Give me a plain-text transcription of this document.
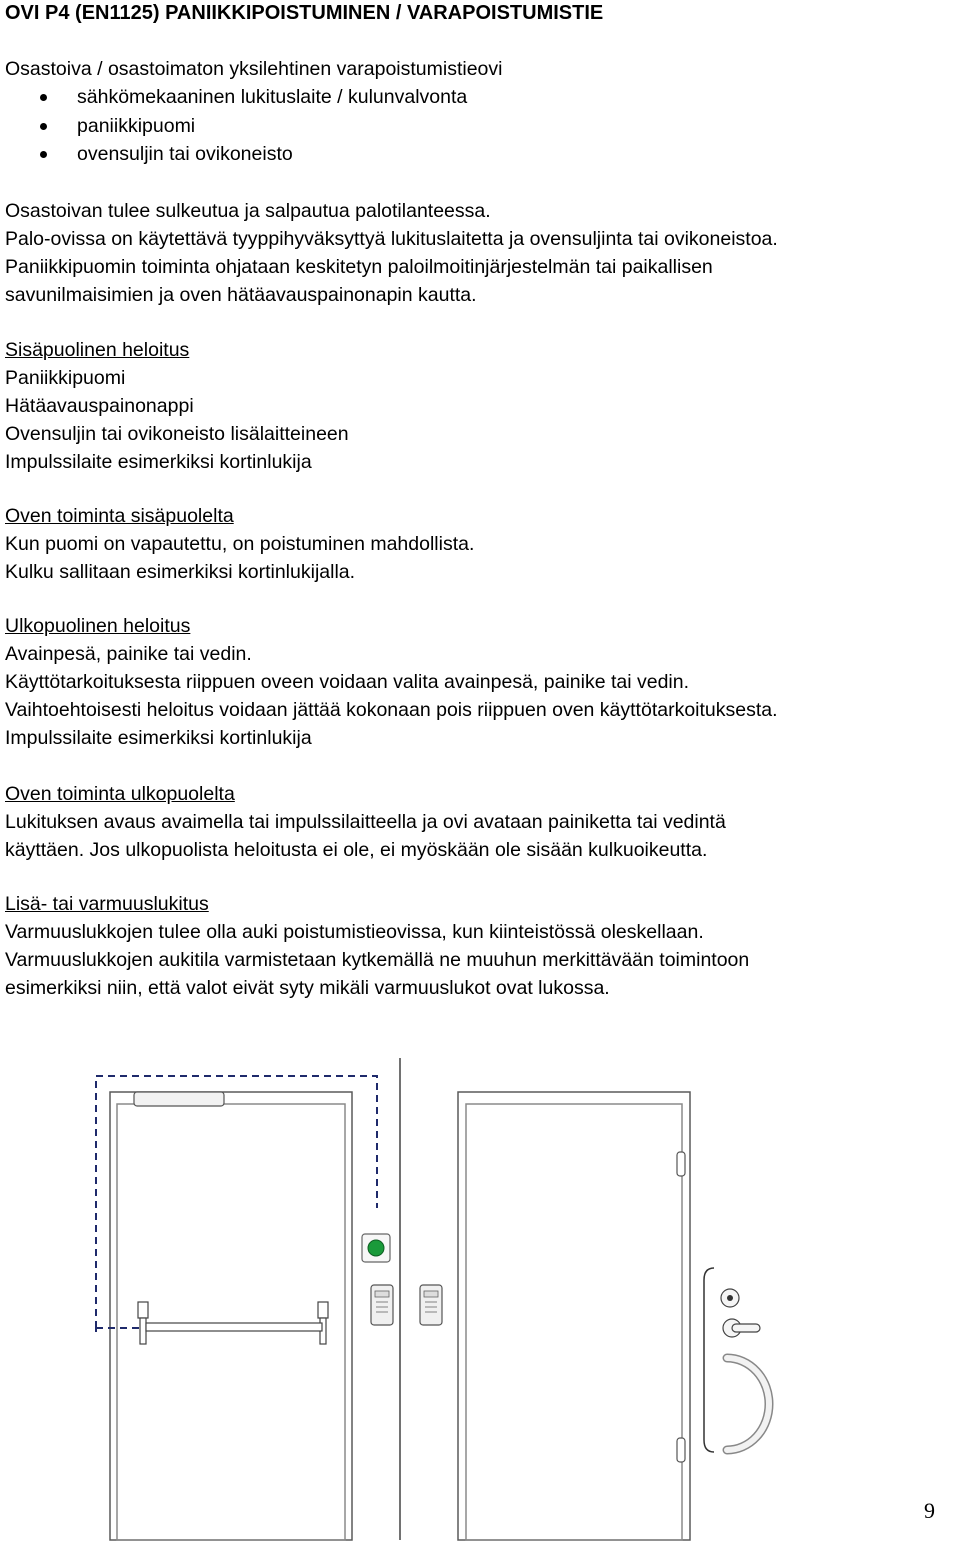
OVI P4 (EN1125) PANIIKKIPOISTUMINEN / VARAPOISTUMISTIE

Osastoiva / osastoimaton yksilehtinen varapoistumistieovi

sähkömekaaninen lukituslaite / kulunvalvonta
paniikkipuomi
ovensuljin tai ovikoneisto
Osastoivan tulee sulkeutua ja salpautua palotilanteessa.
Palo-ovissa on käytettävä tyyppihyväksyttyä lukituslaitetta ja ovensuljinta tai ovikoneistoa.
Paniikkipuomin toiminta ohjataan keskitetyn paloilmoitinjärjestelmän tai paikallisen
savunilmaisimien ja oven hätäavauspainonapin kautta.
Sisäpuolinen heloitus
Paniikkipuomi
Hätäavauspainonappi
Ovensuljin tai ovikoneisto lisälaitteineen
Impulssilaite esimerkiksi kortinlukija
Oven toiminta sisäpuolelta
Kun puomi on vapautettu, on poistuminen mahdollista.
Kulku sallitaan esimerkiksi kortinlukijalla.
Ulkopuolinen heloitus
Avainpesä, painike tai vedin.
Käyttötarkoituksesta riippuen oveen voidaan valita avainpesä, painike tai vedin.
Vaihtoehtoisesti heloitus voidaan jättää kokonaan pois riippuen oven käyttötarkoituksesta.
Impulssilaite esimerkiksi kortinlukija
Oven toiminta ulkopuolelta
Lukituksen avaus avaimella tai impulssilaitteella ja ovi avataan painiketta tai vedintä
käyttäen. Jos ulkopuolista heloitusta ei ole, ei myöskään ole sisään kulkuoikeutta.
Lisä- tai varmuuslukitus
Varmuuslukkojen tulee olla auki poistumistieovissa, kun kiinteistössä oleskellaan.
Varmuuslukkojen aukitila varmistetaan kytkemällä ne muuhun merkittävään toimintoon
esimerkiksi niin, että valot eivät syty mikäli varmuuslukot ovat lukossa.
9
